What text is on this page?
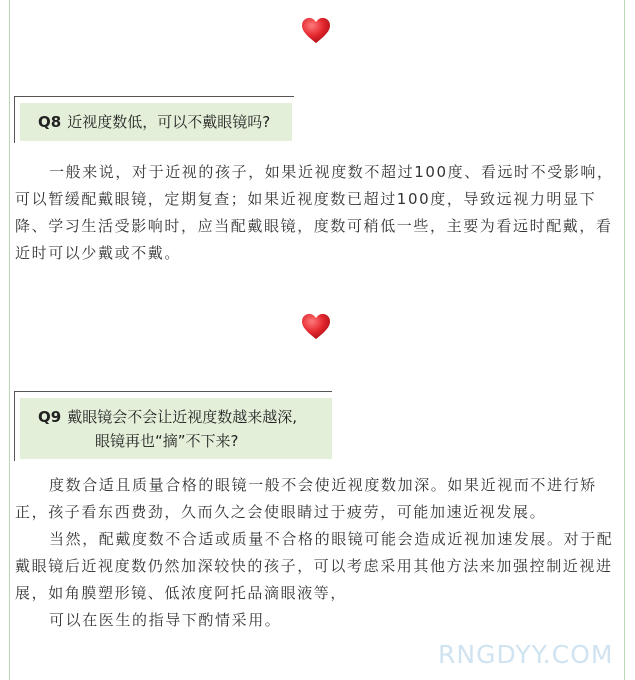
Q8 近视度数低，可以不戴眼镜吗?

一般来说，对于近视的孩子，如果近视度数不超过100度、看远时不受影响，可以暂缓配戴眼镜，定期复查；如果近视度数已超过100度，导致远视力明显下降、学习生活受影响时，应当配戴眼镜，度数可稍低一些，主要为看远时配戴，看近时可以少戴或不戴。

Q9 戴眼镜会不会让近视度数越来越深,
眼镜再也“摘”不下来?

度数合适且质量合格的眼镜一般不会使近视度数加深。如果近视而不进行矫正，孩子看东西费劲，久而久之会使眼睛过于疲劳，可能加速近视发展。

当然，配戴度数不合适或质量不合格的眼镜可能会造成近视加速发展。对于配戴眼镜后近视度数仍然加深较快的孩子，可以考虑采用其他方法来加强控制近视进展，如角膜塑形镜、低浓度阿托品滴眼液等，

可以在医生的指导下酌情采用。

RNGDYY.COM
